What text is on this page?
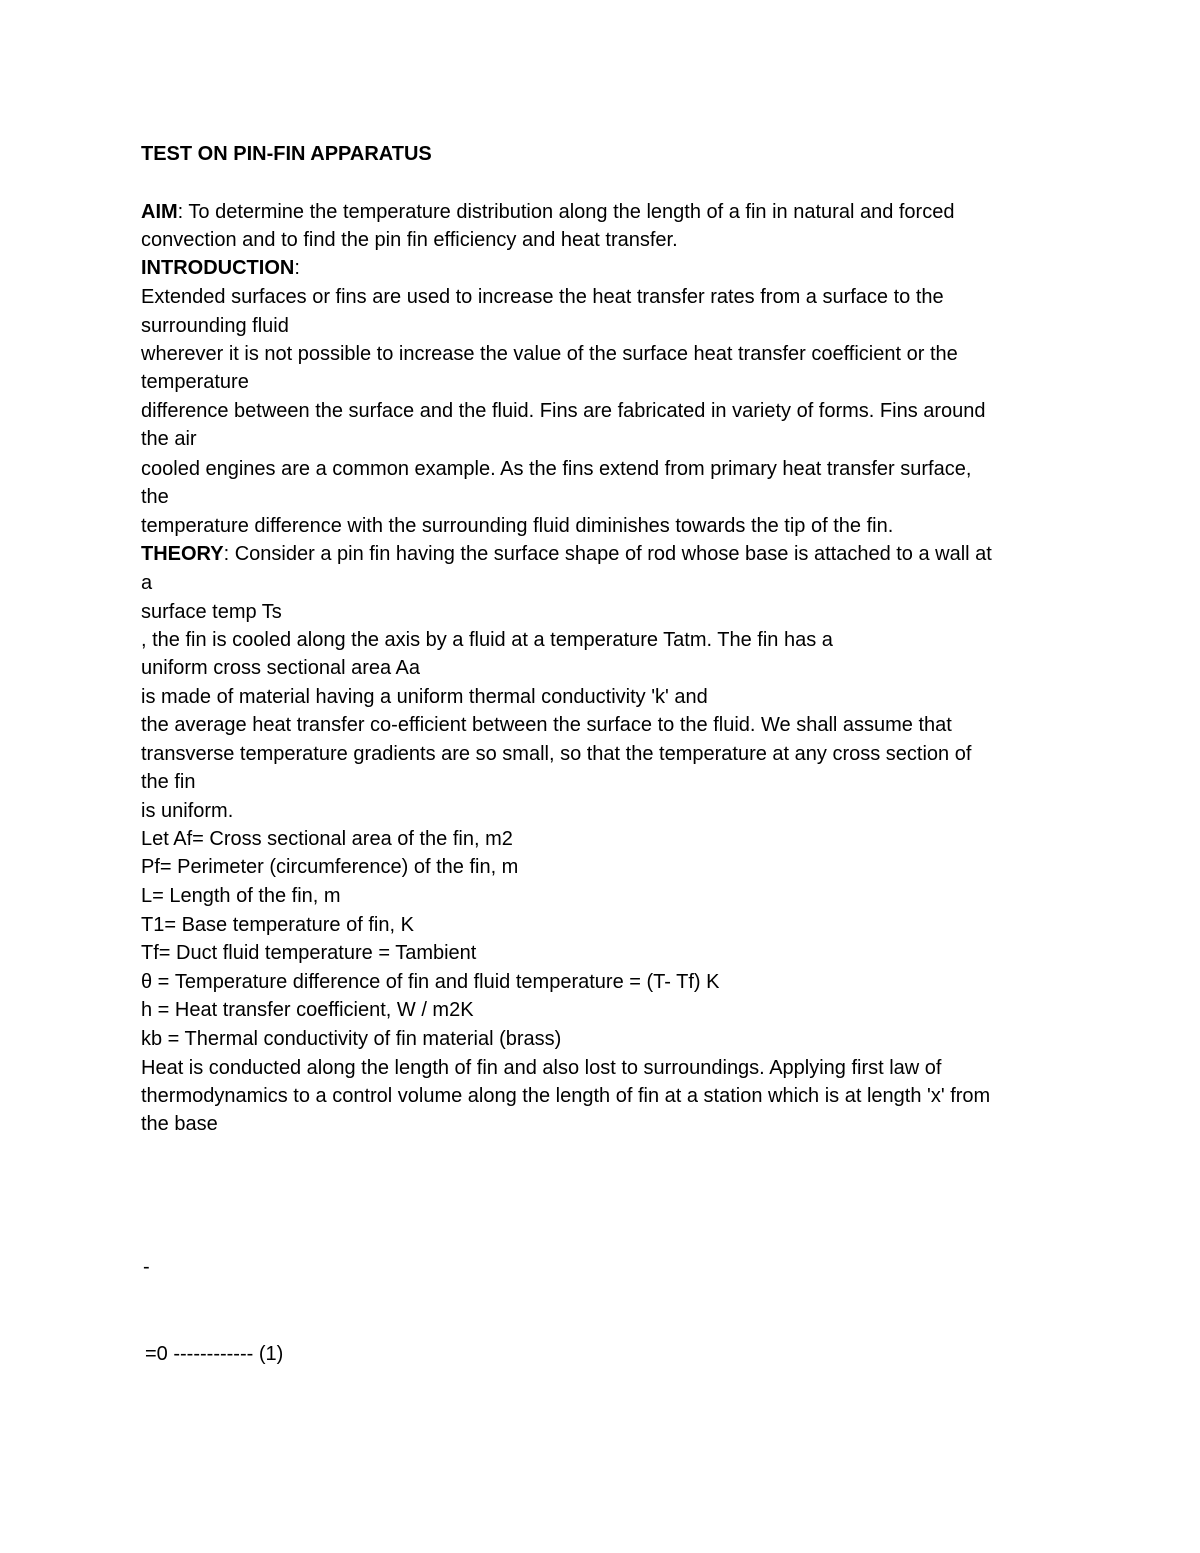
TEST ON PIN-FIN APPARATUS
AIM: To determine the temperature distribution along the length of a fin in natural and forced
convection and to find the pin fin efficiency and heat transfer.
INTRODUCTION:
Extended surfaces or fins are used to increase the heat transfer rates from a surface to the
surrounding fluid
wherever it is not possible to increase the value of the surface heat transfer coefficient or the
temperature
difference between the surface and the fluid. Fins are fabricated in variety of forms. Fins around
the air
cooled engines are a common example. As the fins extend from primary heat transfer surface,
the
temperature difference with the surrounding fluid diminishes towards the tip of the fin.
THEORY: Consider a pin fin having the surface shape of rod whose base is attached to a wall at
a
surface temp Ts
, the fin is cooled along the axis by a fluid at a temperature Tatm. The fin has a
uniform cross sectional area Aa
is made of material having a uniform thermal conductivity 'k' and
the average heat transfer co-efficient between the surface to the fluid. We shall assume that
transverse temperature gradients are so small, so that the temperature at any cross section of
the fin
is uniform.
Let Af= Cross sectional area of the fin, m2
Pf= Perimeter (circumference) of the fin, m
L= Length of the fin, m
T1= Base temperature of fin, K
Tf= Duct fluid temperature = Tambient
θ = Temperature difference of fin and fluid temperature = (T- Tf) K
h = Heat transfer coefficient, W / m2K
kb = Thermal conductivity of fin material (brass)
Heat is conducted along the length of fin and also lost to surroundings. Applying first law of
thermodynamics to a control volume along the length of fin at a station which is at length 'x' from
the base
-
=0 ------------ (1)
